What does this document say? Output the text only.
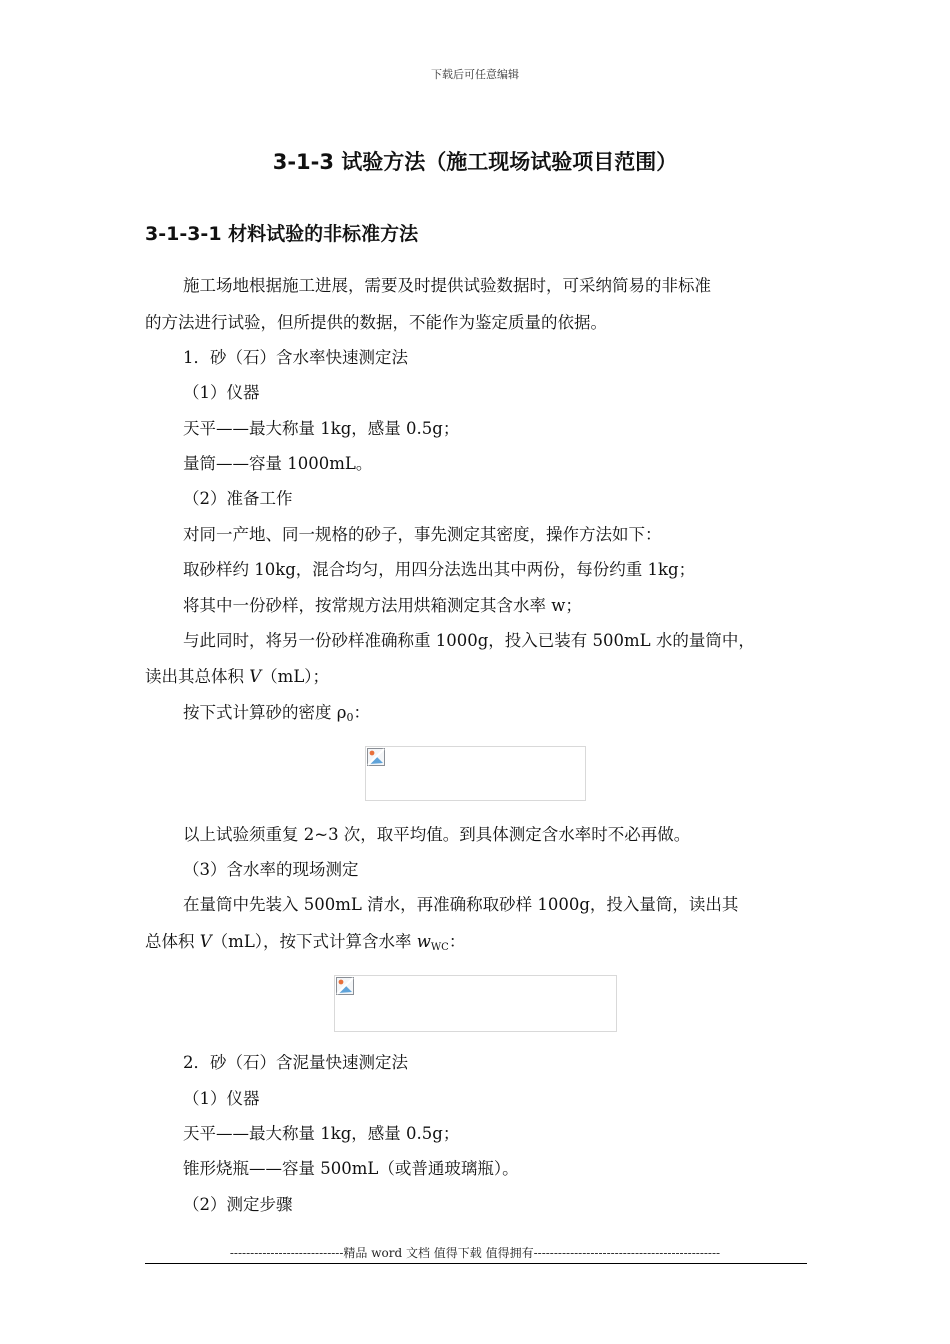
下载后可任意编辑
3-1-3 试验方法（施工现场试验项目范围）
3-1-3-1 材料试验的非标准方法
施工场地根据施工进展，需要及时提供试验数据时，可采纳简易的非标准
的方法进行试验，但所提供的数据，不能作为鉴定质量的依据。
1．砂（石）含水率快速测定法
（1）仪器
天平——最大称量 1kg，感量 0.5g；
量筒——容量 1000mL。
（2）准备工作
对同一产地、同一规格的砂子，事先测定其密度，操作方法如下：
取砂样约 10kg，混合均匀，用四分法选出其中两份，每份约重 1kg；
将其中一份砂样，按常规方法用烘箱测定其含水率 w；
与此同时，将另一份砂样准确称重 1000g，投入已装有 500mL 水的量筒中，
读出其总体积 V（mL）；
按下式计算砂的密度 $\rho_0$：
以上试验须重复 2~3 次，取平均值。到具体测定含水率时不必再做。
（3）含水率的现场测定
在量筒中先装入 500mL 清水，再准确称取砂样 1000g，投入量筒，读出其
总体积 V（mL），按下式计算含水率 $w_{WC}$：
2．砂（石）含泥量快速测定法
（1）仪器
天平——最大称量 1kg，感量 0.5g；
锥形烧瓶——容量 500mL（或普通玻璃瓶）。
（2）测定步骤
----------------------------精品 word 文档 值得下载 值得拥有----------------------------------------------
